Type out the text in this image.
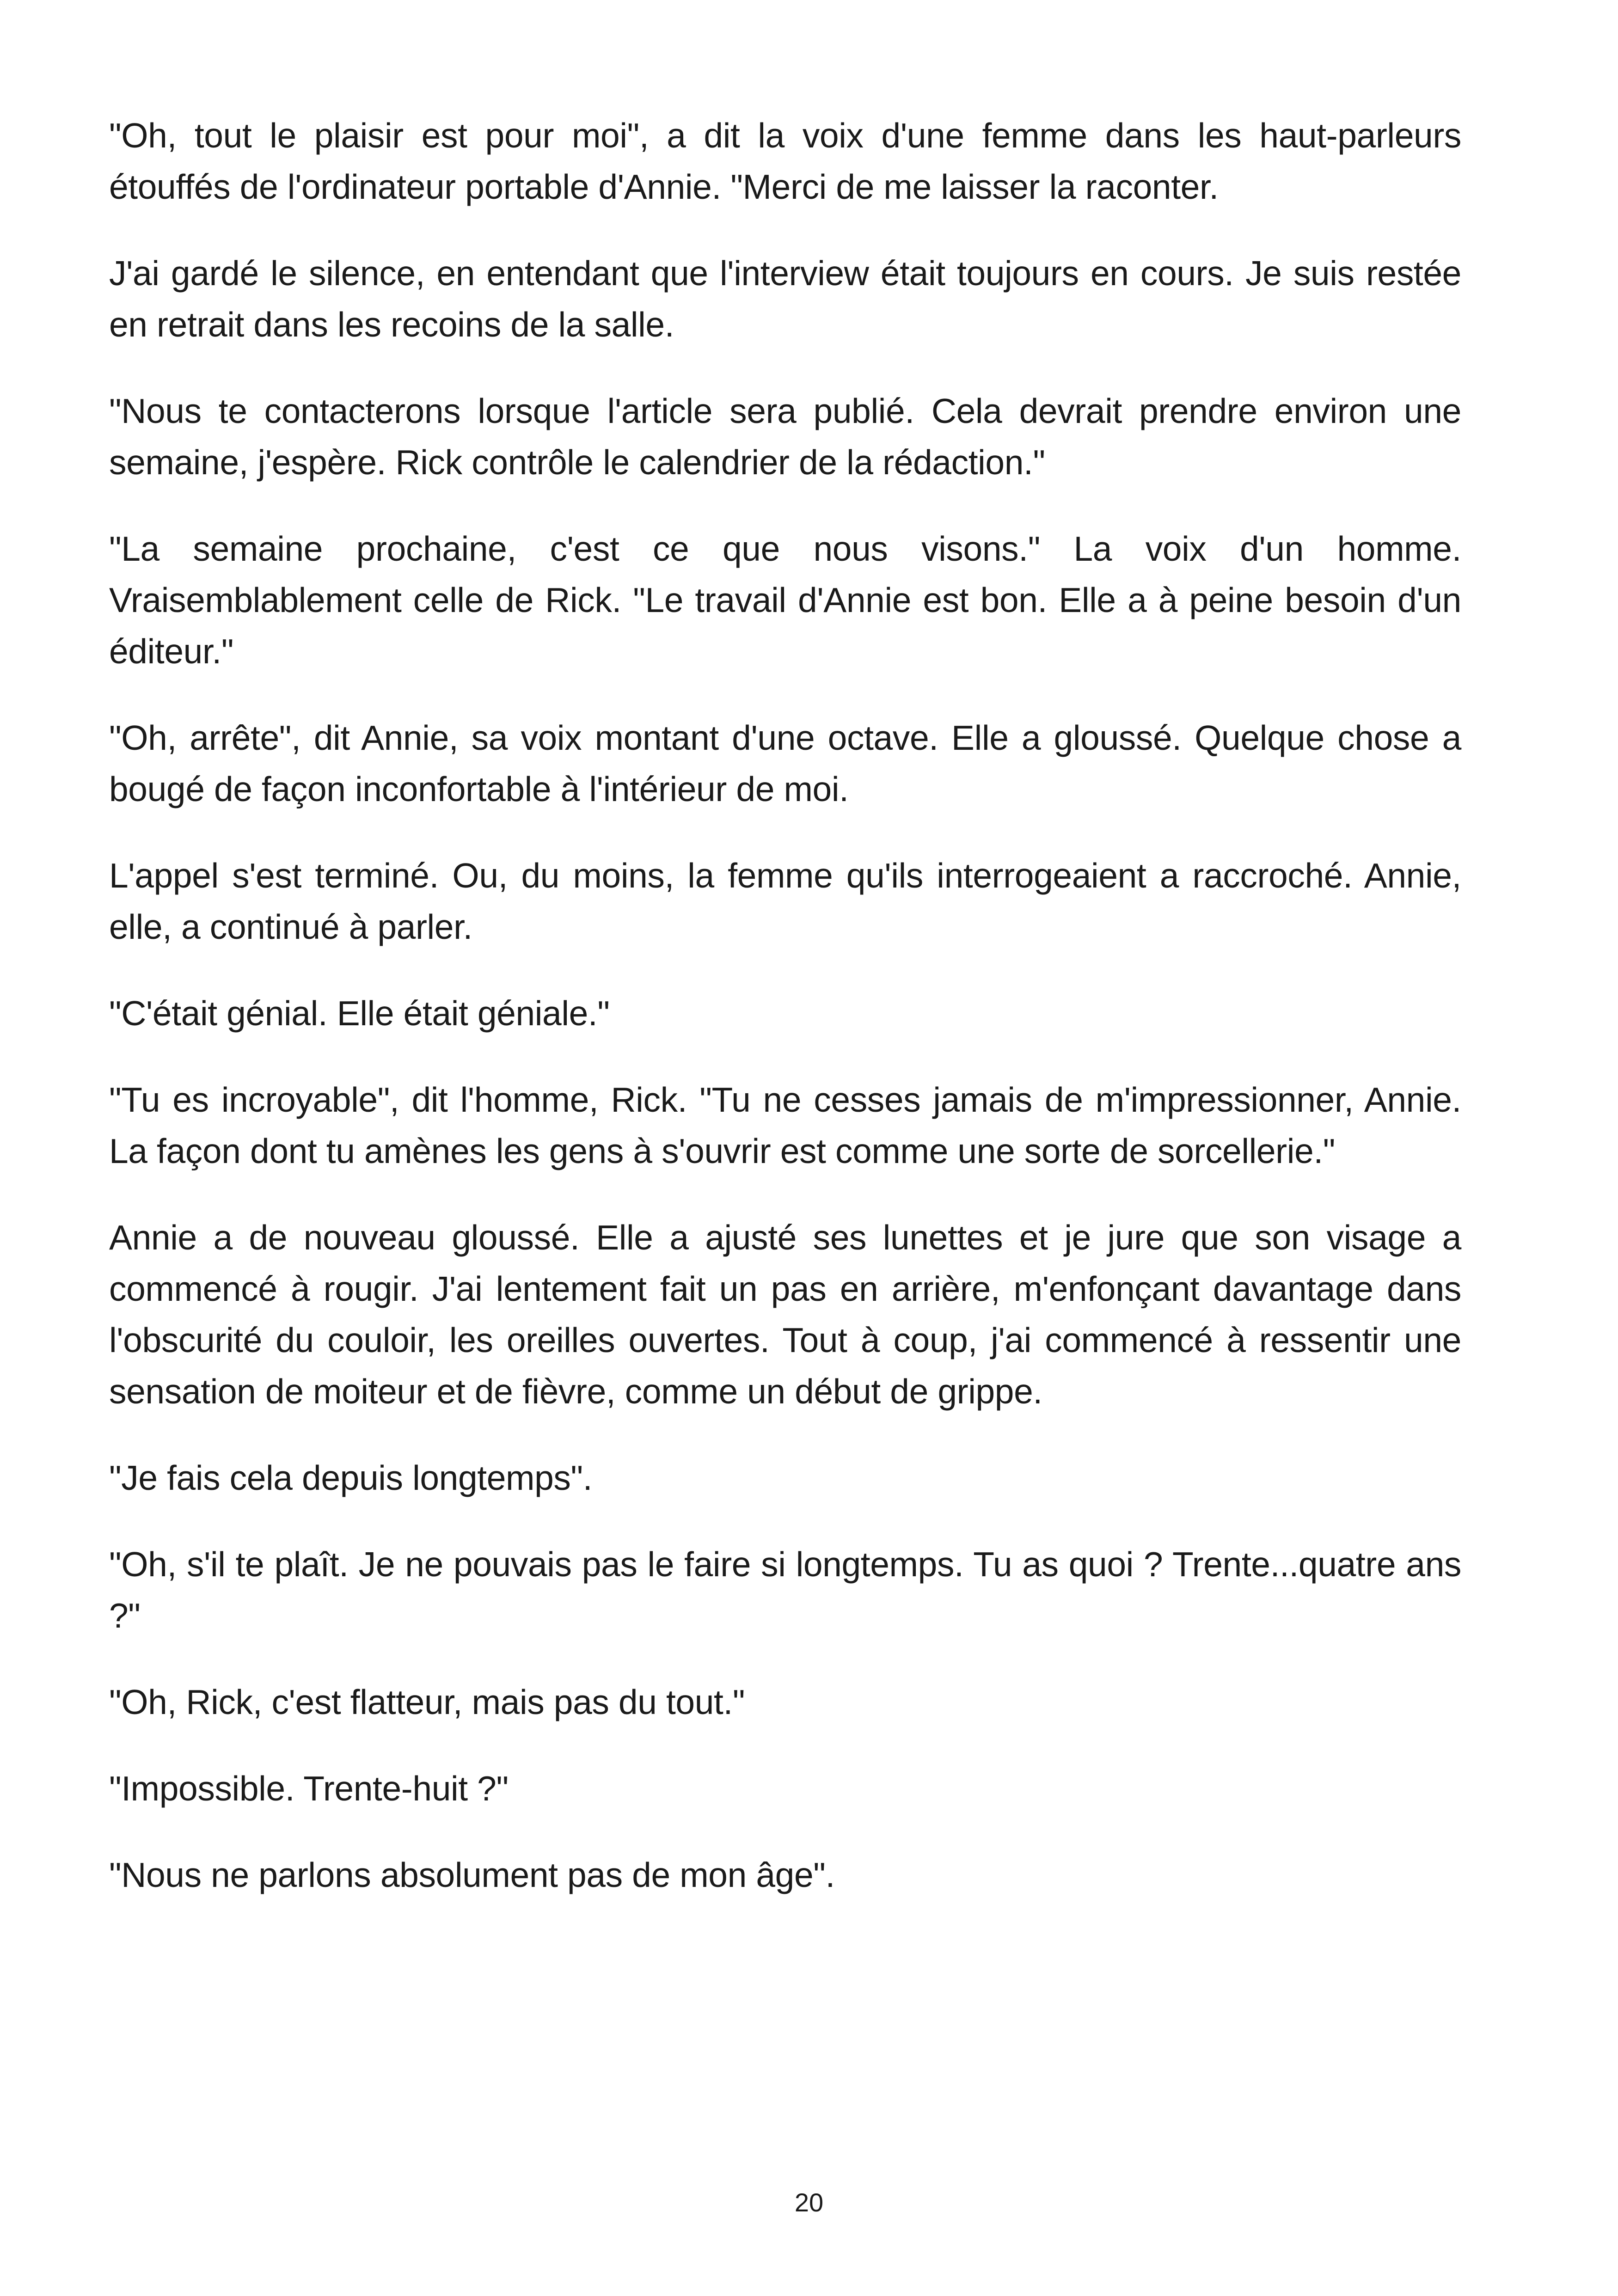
"Oh, tout le plaisir est pour moi", a dit la voix d'une femme dans les haut-parleurs étouffés de l'ordinateur portable d'Annie. "Merci de me laisser la raconter.

J'ai gardé le silence, en entendant que l'interview était toujours en cours. Je suis restée en retrait dans les recoins de la salle.

"Nous te contacterons lorsque l'article sera publié. Cela devrait prendre environ une semaine, j'espère. Rick contrôle le calendrier de la rédaction."

"La semaine prochaine, c'est ce que nous visons." La voix d'un homme. Vraisemblablement celle de Rick. "Le travail d'Annie est bon. Elle a à peine besoin d'un éditeur."

"Oh, arrête", dit Annie, sa voix montant d'une octave. Elle a gloussé. Quelque chose a bougé de façon inconfortable à l'intérieur de moi.

L'appel s'est terminé. Ou, du moins, la femme qu'ils interrogeaient a raccroché. Annie, elle, a continué à parler.

"C'était génial. Elle était géniale."

"Tu es incroyable", dit l'homme, Rick. "Tu ne cesses jamais de m'impressionner, Annie. La façon dont tu amènes les gens à s'ouvrir est comme une sorte de sorcellerie."

Annie a de nouveau gloussé. Elle a ajusté ses lunettes et je jure que son visage a commencé à rougir. J'ai lentement fait un pas en arrière, m'enfonçant davantage dans l'obscurité du couloir, les oreilles ouvertes. Tout à coup, j'ai commencé à ressentir une sensation de moiteur et de fièvre, comme un début de grippe.

"Je fais cela depuis longtemps".

"Oh, s'il te plaît. Je ne pouvais pas le faire si longtemps. Tu as quoi ? Trente...quatre ans ?"

"Oh, Rick, c'est flatteur, mais pas du tout."

"Impossible. Trente-huit ?"

"Nous ne parlons absolument pas de mon âge".

20
